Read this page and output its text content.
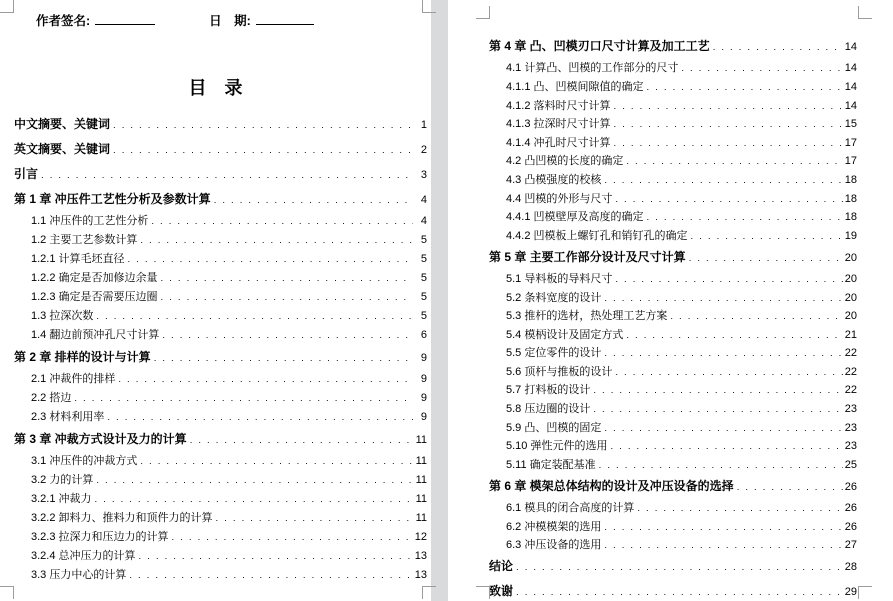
作者签名:	日　期:
目　录
中文摘要、关键词 . . .	1
英文摘要、关键词 . . .	2
引言 . . .	3
第 1 章 冲压件工艺性分析及参数计算 . . .	4
1.1 冲压件的工艺性分析 . . .	4
1.2 主要工艺参数计算 . . .	5
1.2.1 计算毛坯直径 . . .	5
1.2.2 确定是否加修边余量 . . .	5
1.2.3 确定是否需要压边圈 . . .	5
1.3 拉深次数 . . .	5
1.4 翻边前预冲孔尺寸计算 . . .	6
第 2 章 排样的设计与计算 . . .	9
2.1 冲裁件的排样 . . .	9
2.2 搭边 . . .	9
2.3 材料利用率 . . .	9
第 3 章 冲裁方式设计及力的计算 . . .	11
3.1 冲压件的冲裁方式 . . .	11
3.2 力的计算 . . .	11
3.2.1 冲裁力 . . .	11
3.2.2 卸料力、推料力和顶件力的计算 . . .	11
3.2.3 拉深力和压边力的计算 . . .	12
3.2.4 总冲压力的计算 . . .	13
3.3 压力中心的计算 . . .	13
第 4 章 凸、凹模刃口尺寸计算及加工工艺 . . .	14
4.1 计算凸、凹模的工作部分的尺寸 . . .	14
4.1.1 凸、凹模间隙值的确定 . . .	14
4.1.2 落料时尺寸计算 . . .	14
4.1.3 拉深时尺寸计算 . . .	15
4.1.4 冲孔时尺寸计算 . . .	17
4.2 凸凹模的长度的确定 . . .	17
4.3 凸模强度的校核 . . .	18
4.4 凹模的外形与尺寸 . . .	18
4.4.1 凹模壁厚及高度的确定 . . .	18
4.4.2 凹模板上螺钉孔和销钉孔的确定 . . .	19
第 5 章 主要工作部分设计及尺寸计算 . . .	20
5.1 导料板的导料尺寸 . . .	20
5.2 条料宽度的设计 . . .	20
5.3 推杆的选材，热处理工艺方案 . . .	20
5.4 模柄设计及固定方式 . . .	21
5.5 定位零件的设计 . . .	22
5.6 顶杆与推板的设计 . . .	22
5.7 打料板的设计 . . .	22
5.8 压边圈的设计 . . .	23
5.9 凸、凹模的固定 . . .	23
5.10 弹性元件的选用 . . .	23
5.11 确定装配基准 . . .	25
第 6 章 模架总体结构的设计及冲压设备的选择 . . .	26
6.1 模具的闭合高度的计算 . . .	26
6.2 冲模模架的选用 . . .	26
6.3 冲压设备的选用 . . .	27
结论 . . .	28
致谢 . . .	29
